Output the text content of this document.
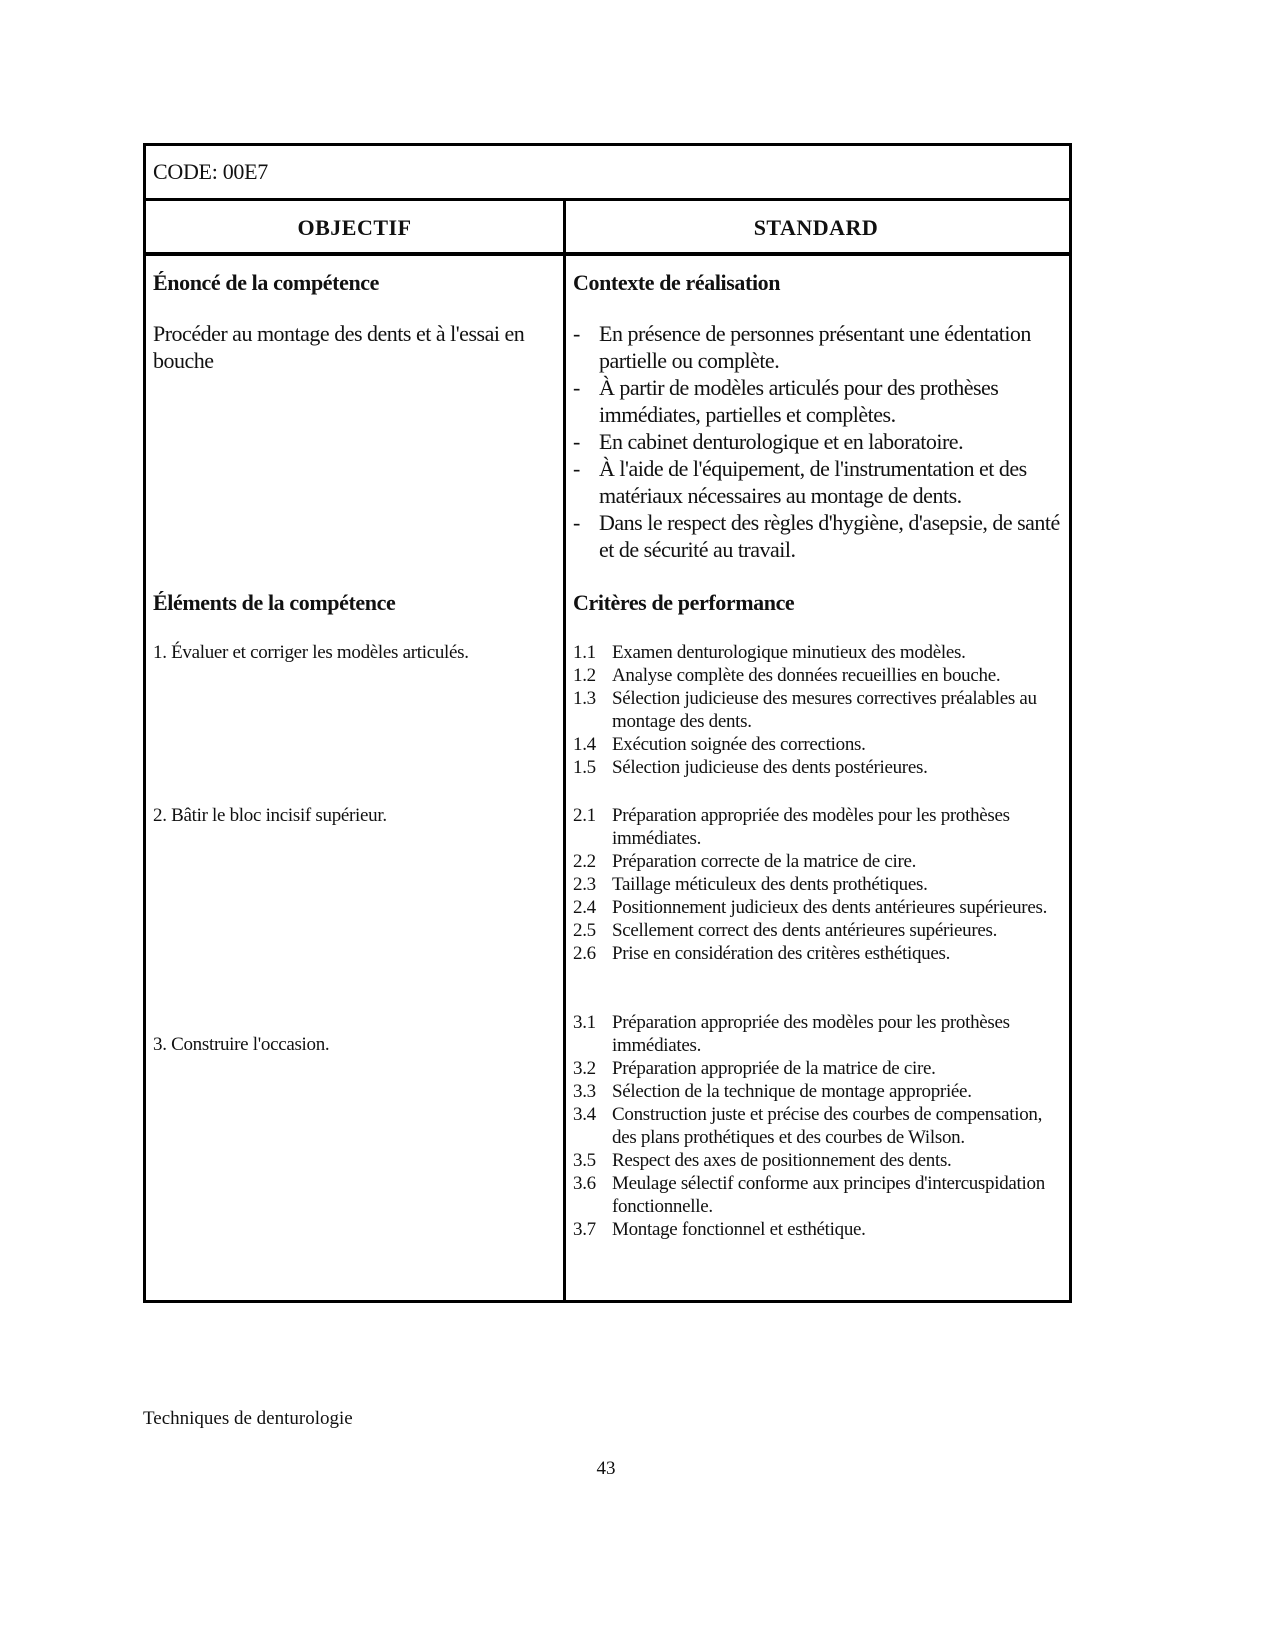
CODE: 00E7
OBJECTIF	STANDARD
Énoncé de la compétence
Procéder au montage des dents et à l'essai en bouche
Contexte de réalisation
- En présence de personnes présentant une édentation partielle ou complète.
- À partir de modèles articulés pour des prothèses immédiates, partielles et complètes.
- En cabinet denturologique et en laboratoire.
- À l'aide de l'équipement, de l'instrumentation et des matériaux nécessaires au montage de dents.
- Dans le respect des règles d'hygiène, d'asepsie, de santé et de sécurité au travail.
Éléments de la compétence	Critères de performance
1. Évaluer et corriger les modèles articulés.
2. Bâtir le bloc incisif supérieur.
3. Construire l'occasion.
1.1 Examen denturologique minutieux des modèles.
1.2 Analyse complète des données recueillies en bouche.
1.3 Sélection judicieuse des mesures correctives préalables au montage des dents.
1.4 Exécution soignée des corrections.
1.5 Sélection judicieuse des dents postérieures.
2.1 Préparation appropriée des modèles pour les prothèses immédiates.
2.2 Préparation correcte de la matrice de cire.
2.3 Taillage méticuleux des dents prothétiques.
2.4 Positionnement judicieux des dents antérieures supérieures.
2.5 Scellement correct des dents antérieures supérieures.
2.6 Prise en considération des critères esthétiques.
3.1 Préparation appropriée des modèles pour les prothèses immédiates.
3.2 Préparation appropriée de la matrice de cire.
3.3 Sélection de la technique de montage appropriée.
3.4 Construction juste et précise des courbes de compensation, des plans prothétiques et des courbes de Wilson.
3.5 Respect des axes de positionnement des dents.
3.6 Meulage sélectif conforme aux principes d'intercuspidation fonctionnelle.
3.7 Montage fonctionnel et esthétique.
Techniques de denturologie
43
